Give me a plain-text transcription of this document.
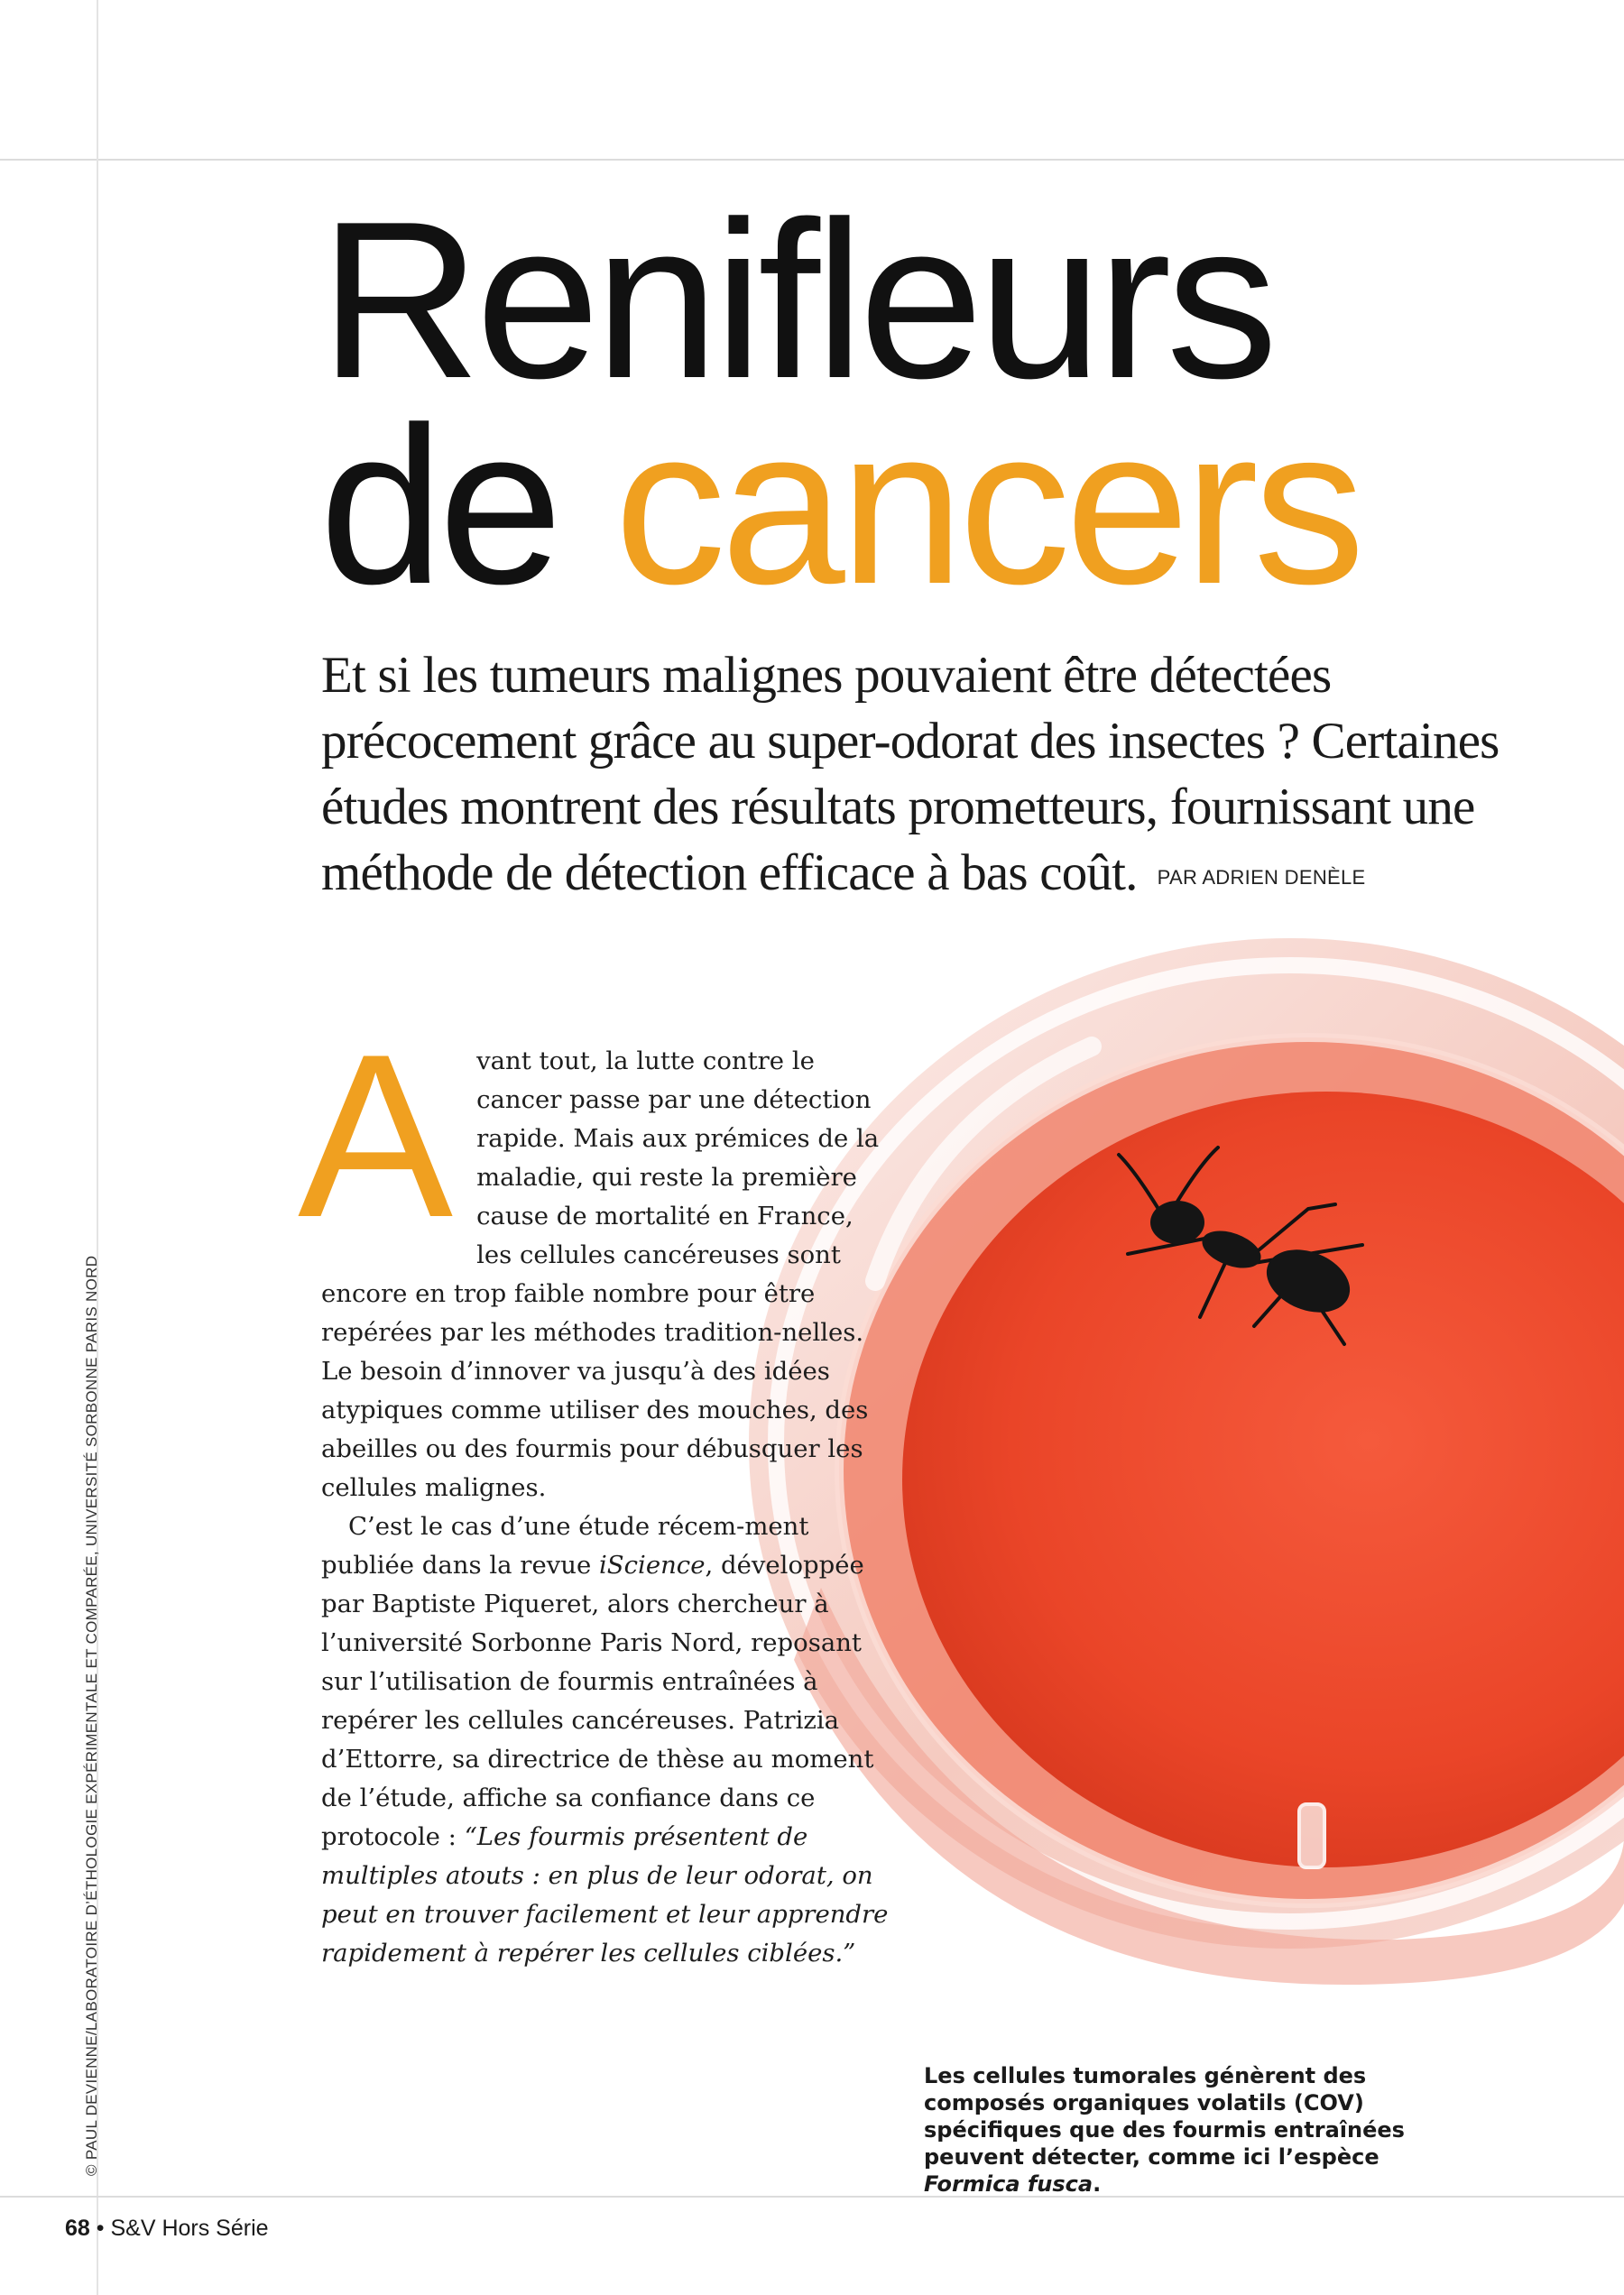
© PAUL DEVIENNE/LABORATOIRE D’ÉTHOLOGIE EXPÉRIMENTALE ET COMPARÉE, UNIVERSITÉ SORBONNE PARIS NORD
Renifleurs
de cancers
Et si les tumeurs malignes pouvaient être détectées précocement grâce au super-odorat des insectes ? Certaines études montrent des résultats prometteurs, fournissant une méthode de détection efficace à bas coût. PAR ADRIEN DENÈLE

Avant tout, la lutte contre le cancer passe par une détection rapide. Mais aux prémices de la maladie, qui reste la première cause de mortalité en France, les cellules cancéreuses sont encore en trop faible nombre pour être repérées par les méthodes tradition-nelles. Le besoin d’innover va jusqu’à des idées atypiques comme utiliser des mouches, des abeilles ou des fourmis pour débusquer les cellules malignes.

C’est le cas d’une étude récem-ment publiée dans la revue iScience, développée par Baptiste Piqueret, alors chercheur à l’université Sorbonne Paris Nord, reposant sur l’utilisation de fourmis entraînées à repérer les cellules cancéreuses. Patrizia d’Ettorre, sa directrice de thèse au moment de l’étude, affiche sa confiance dans ce protocole : “Les fourmis présentent de multiples atouts : en plus de leur odorat, on peut en trouver facilement et leur apprendre rapidement à repérer les cellules ciblées.”

Les cellules tumorales génèrent des composés organiques volatils (COV) spécifiques que des fourmis entraînées peuvent détecter, comme ici l’espèce Formica fusca.
68 • S&V Hors Série
